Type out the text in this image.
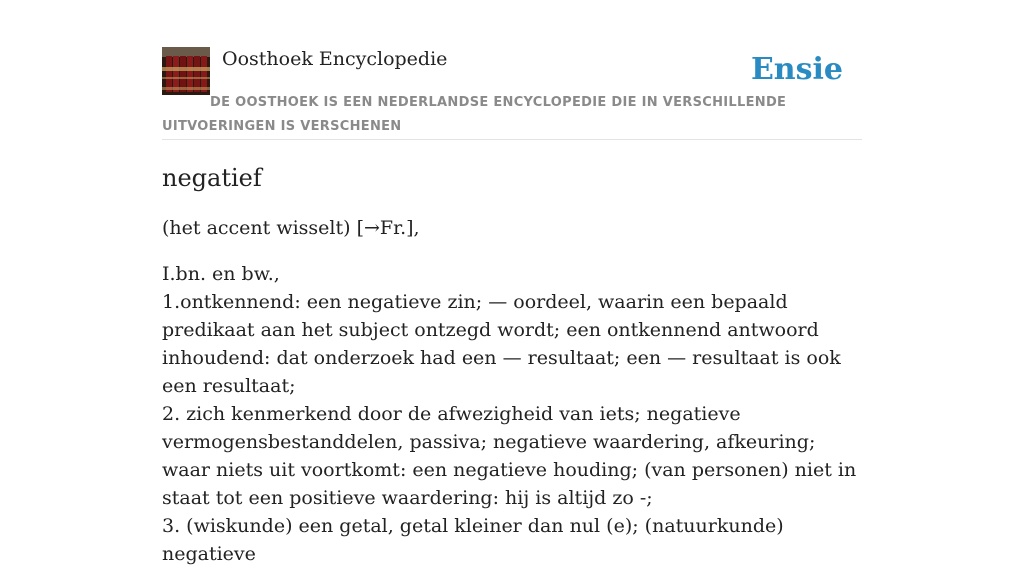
Oosthoek Encyclopedie	Ensie
DE OOSTHOEK IS EEN NEDERLANDSE ENCYCLOPEDIE DIE IN VERSCHILLENDE UITVOERINGEN IS VERSCHENEN
negatief

(het accent wisselt) [→Fr.],

I.bn. en bw.,
1.ontkennend: een negatieve zin; — oordeel, waarin een bepaald predikaat aan het subject ontzegd wordt; een ontkennend antwoord inhoudend: dat onderzoek had een — resultaat; een — resultaat is ook een resultaat;
2. zich kenmerkend door de afwezigheid van iets; negatieve vermogensbestanddelen, passiva; negatieve waardering, afkeuring; waar niets uit voortkomt: een negatieve houding; (van personen) niet in staat tot een positieve waardering: hij is altijd zo -;
3. (wiskunde) een getal, getal kleiner dan nul (e); (natuurkunde) negatieve
